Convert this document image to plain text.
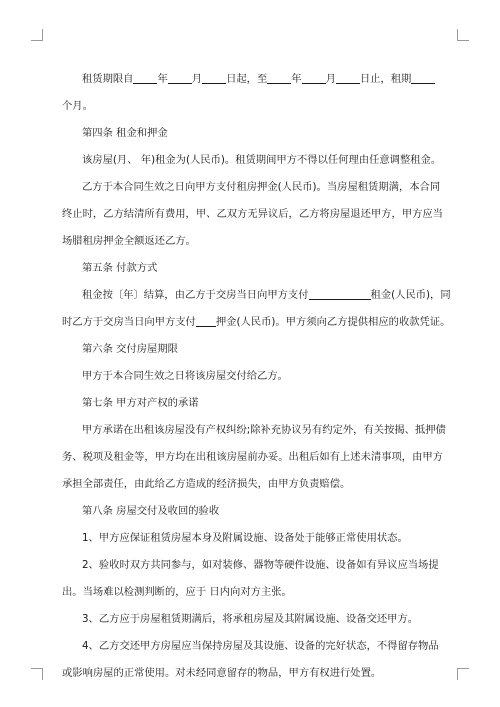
租赁期限自 年 月 日起，至 年 月 日止，租期
个月。
第四条 租金和押金
该房屋(月、 年)租金为(人民币)。租赁期间甲方不得以任何理由任意调整租金。
乙方于本合同生效之日向甲方支付租房押金(人民币)。当房屋租赁期满，本合同
终止时，乙方结清所有费用，甲、乙双方无异议后，乙方将房屋退还甲方，甲方应当
场腊租房押金全额返还乙方。
第五条 付款方式
租金按〔年〕结算，由乙方于交房当日向甲方支付	租金(人民币)，同
时乙方于交房当日向甲方支付 押金(人民币)。甲方须向乙方提供相应的收款凭证。
第六条 交付房屋期限
甲方于本合同生效之日将该房屋交付给乙方。
第七条 甲方对产权的承诺
甲方承诺在出租该房屋没有产权纠纷;除补充协议另有约定外，有关按揭、抵押债
务、税项及租金等，甲方均在出租该房屋前办妥。出租后如有上述未清事项，由甲方
承担全部责任，由此给乙方造成的经济损失，由甲方负责赔偿。
第八条 房屋交付及收回的验收
1、甲方应保证租赁房屋本身及附属设施、设备处于能够正常使用状态。
2、验收时双方共同参与，如对装修、器物等硬件设施、设备如有异议应当场提
出。当场难以检测判断的，应于 日内向对方主张。
3、乙方应于房屋租赁期满后，将承租房屋及其附属设施、设备交还甲方。
4、乙方交还甲方房屋应当保持房屋及其设施、设备的完好状态，不得留存物品
或影响房屋的正常使用。对未经同意留存的物品，甲方有权进行处置。
